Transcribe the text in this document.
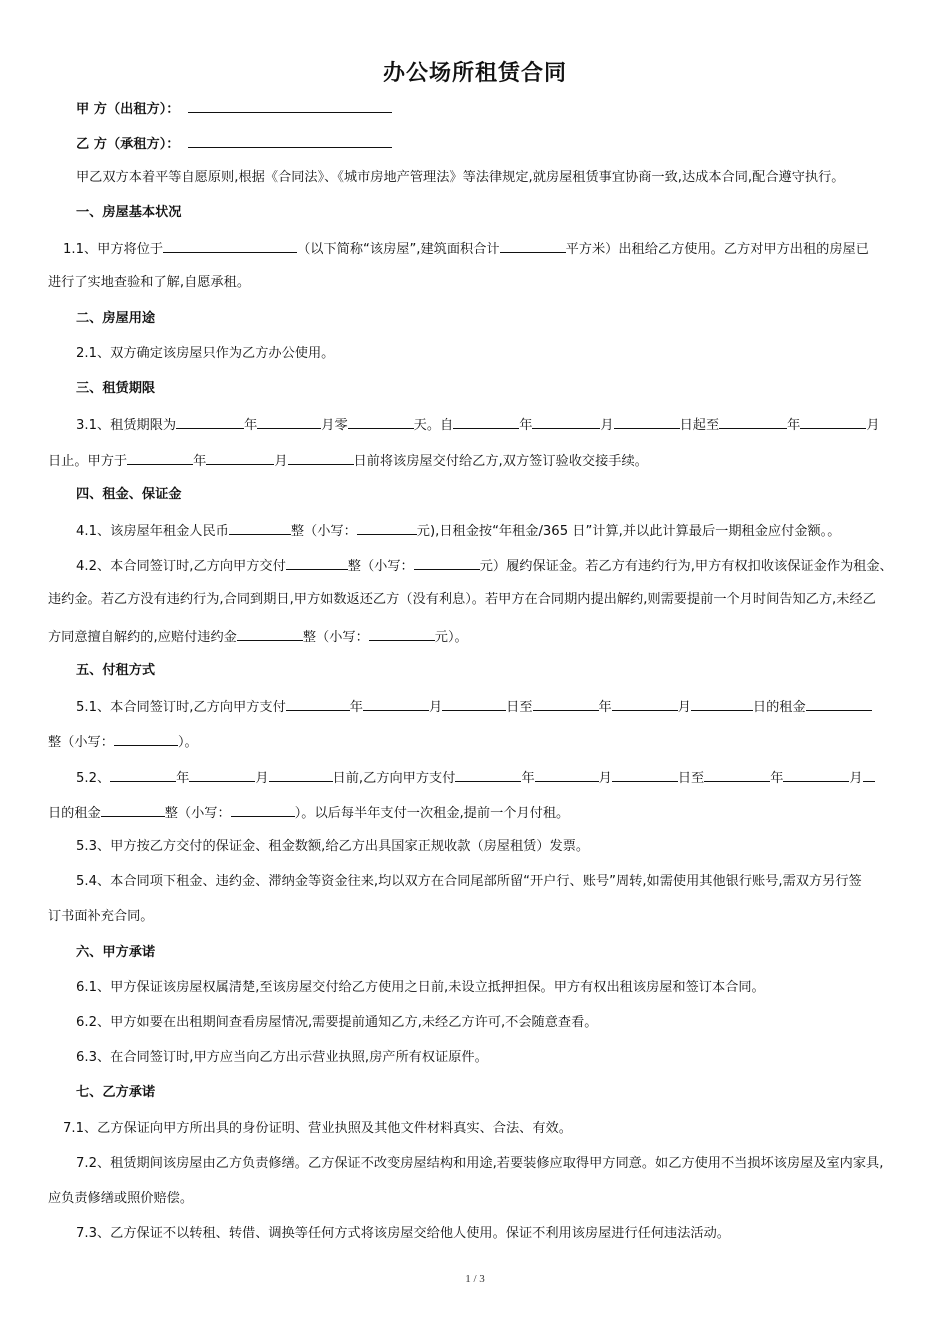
办公场所租赁合同
甲 方（出租方）：
乙 方（承租方）：
甲乙双方本着平等自愿原则,根据《合同法》、《城市房地产管理法》等法律规定,就房屋租赁事宜协商一致,达成本合同,配合遵守执行。
一、房屋基本状况
1.1、甲方将位于	（以下简称“该房屋”,建筑面积合计	平方米）出租给乙方使用。乙方对甲方出租的房屋已
进行了实地查验和了解,自愿承租。
二、房屋用途
2.1、双方确定该房屋只作为乙方办公使用。
三、租赁期限
3.1、租赁期限为	年	月零	天。自	年	月	日起至	年	月
日止。甲方于	年	月	日前将该房屋交付给乙方,双方签订验收交接手续。
四、租金、保证金
4.1、该房屋年租金人民币	整（小写：	元),日租金按“年租金/365 日”计算,并以此计算最后一期租金应付金额。。
4.2、本合同签订时,乙方向甲方交付	整（小写：	元）履约保证金。若乙方有违约行为,甲方有权扣收该保证金作为租金、
违约金。若乙方没有违约行为,合同到期日,甲方如数返还乙方（没有利息）。若甲方在合同期内提出解约,则需要提前一个月时间告知乙方,未经乙
方同意擅自解约的,应赔付违约金	整（小写：	元）。
五、付租方式
5.1、本合同签订时,乙方向甲方支付	年	月	日至	年	月	日的租金
整（小写：	）。
5.2、	年	月	日前,乙方向甲方支付	年	月	日至	年	月
日的租金	整（小写：	）。以后每半年支付一次租金,提前一个月付租。
5.3、甲方按乙方交付的保证金、租金数额,给乙方出具国家正规收款（房屋租赁）发票。
5.4、本合同项下租金、违约金、滞纳金等资金往来,均以双方在合同尾部所留“开户行、账号”周转,如需使用其他银行账号,需双方另行签
订书面补充合同。
六、甲方承诺
6.1、甲方保证该房屋权属清楚,至该房屋交付给乙方使用之日前,未设立抵押担保。甲方有权出租该房屋和签订本合同。
6.2、甲方如要在出租期间查看房屋情况,需要提前通知乙方,未经乙方许可,不会随意查看。
6.3、在合同签订时,甲方应当向乙方出示营业执照,房产所有权证原件。
七、乙方承诺
7.1、乙方保证向甲方所出具的身份证明、营业执照及其他文件材料真实、合法、有效。
7.2、租赁期间该房屋由乙方负责修缮。乙方保证不改变房屋结构和用途,若要装修应取得甲方同意。如乙方使用不当损坏该房屋及室内家具,
应负责修缮或照价赔偿。
7.3、乙方保证不以转租、转借、调换等任何方式将该房屋交给他人使用。保证不利用该房屋进行任何违法活动。
1 / 3
